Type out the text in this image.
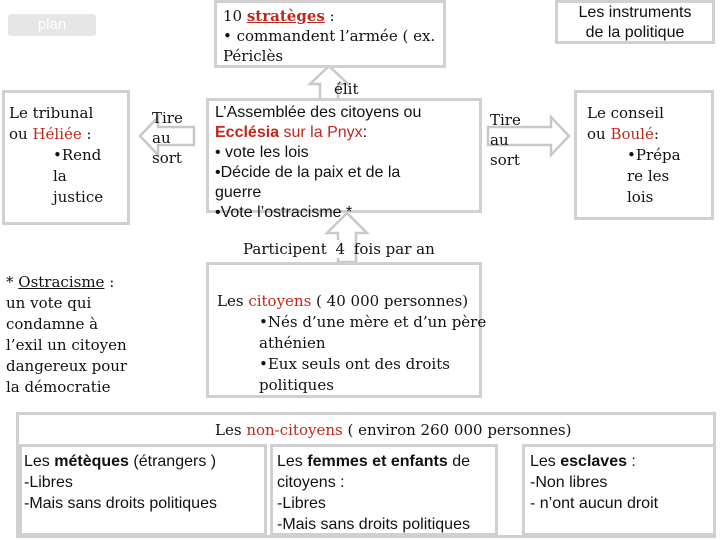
plan
Les instruments
de la politique
10 stratèges :
• commandent l’armée ( ex.
Périclès
élit
Le tribunal
ou Héliée :
•Rend
la
justice
Tire
au
sort
L’Assemblée des citoyens ou
Ecclésia sur la Pnyx:
• vote les lois
•Décide de la paix et de la
guerre
•Vote l’ostracisme *
Tire
au
sort
Le conseil
ou Boulé:
•Prépa
re les
lois
Participent 4 fois par an
* Ostracisme :
un vote qui
condamne à
l’exil un citoyen
dangereux pour
la démocratie
Les citoyens ( 40 000 personnes)
•Nés d’une mère et d’un père
athénien
•Eux seuls ont des droits
politiques
Les non-citoyens ( environ 260 000 personnes)
Les métèques (étrangers )
-Libres
-Mais sans droits politiques
Les femmes et enfants de
citoyens :
-Libres
-Mais sans droits politiques
Les esclaves :
-Non libres
- n’ont aucun droit
